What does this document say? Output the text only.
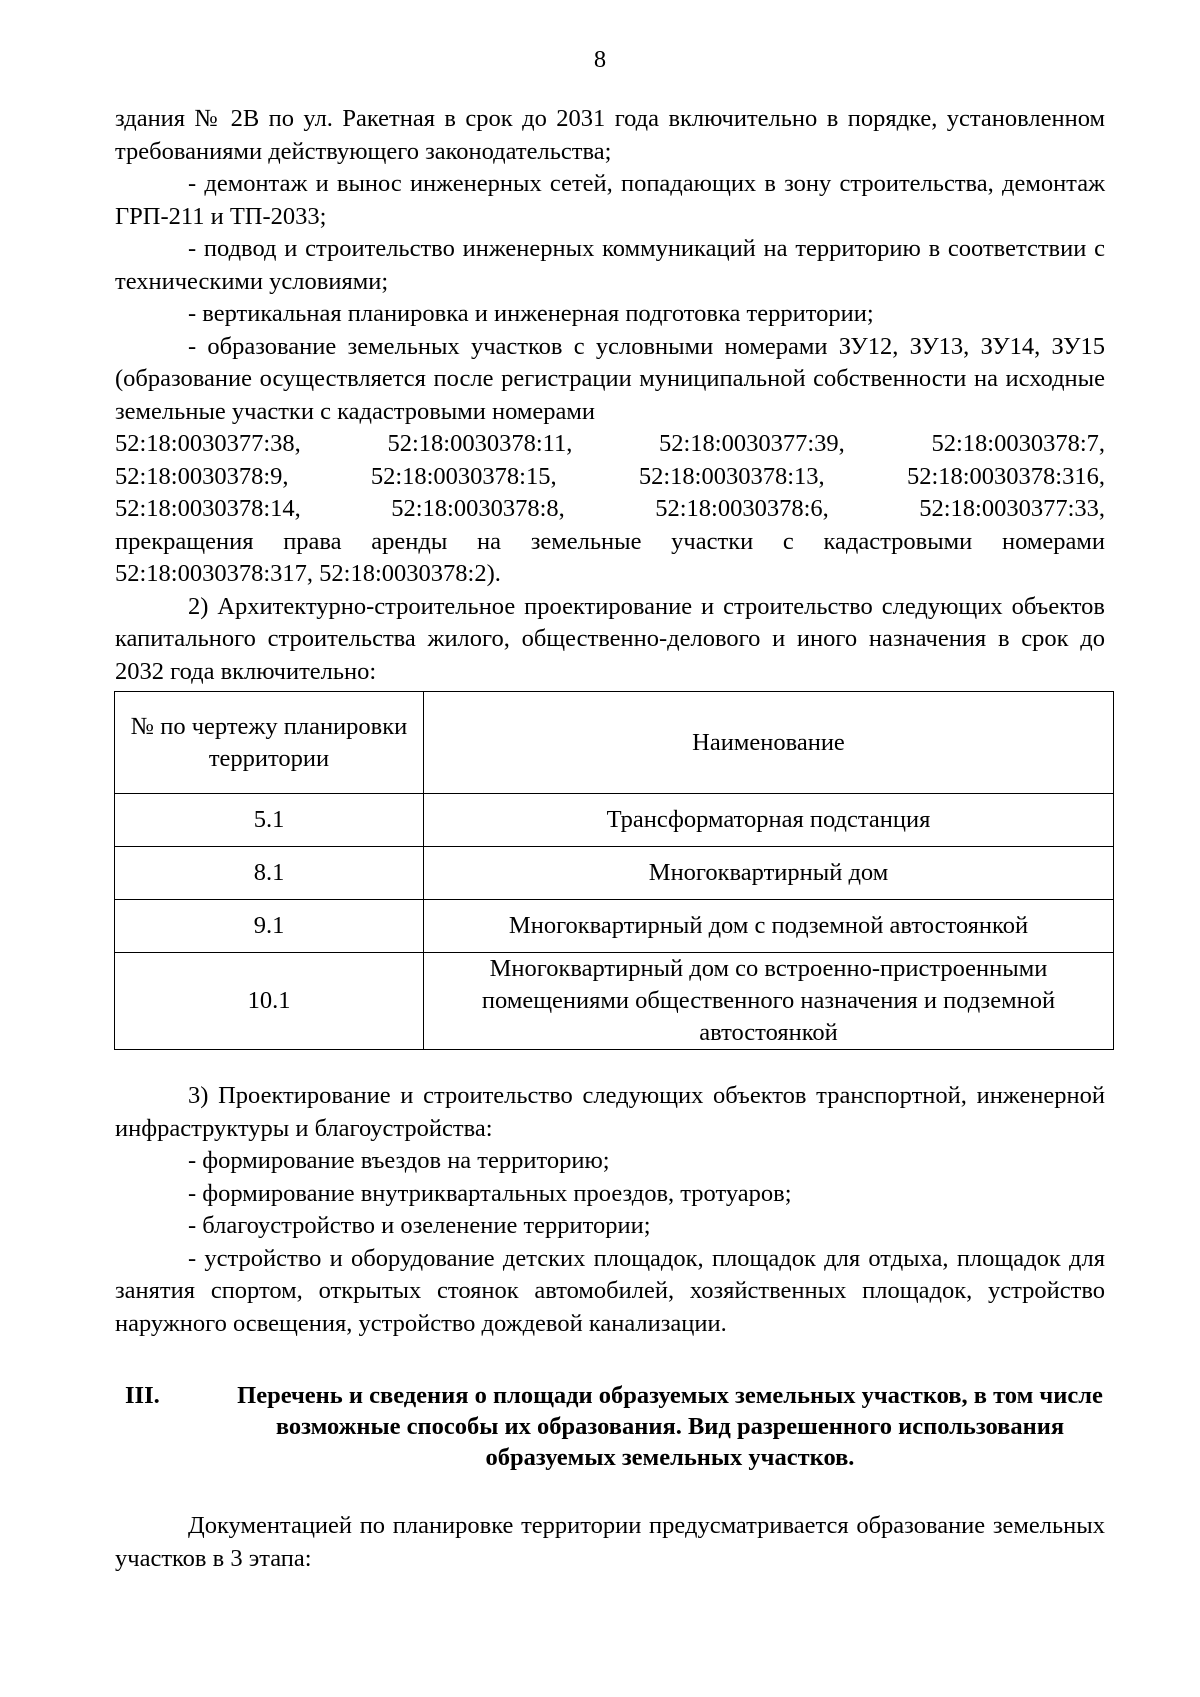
8

здания № 2В по ул. Ракетная в срок до 2031 года включительно в порядке, установленном требованиями действующего законодательства;

- демонтаж и вынос инженерных сетей, попадающих в зону строительства, демонтаж ГРП-211 и ТП-2033;

- подвод и строительство инженерных коммуникаций на территорию в соответствии с техническими условиями;

- вертикальная планировка и инженерная подготовка территории;

- образование земельных участков с условными номерами ЗУ12, ЗУ13, ЗУ14, ЗУ15 (образование осуществляется после регистрации муниципальной собственности на исходные земельные участки с кадастровыми номерами

52:18:0030377:38,	52:18:0030378:11,	52:18:0030377:39,	52:18:0030378:7,
52:18:0030378:9,	52:18:0030378:15,	52:18:0030378:13,	52:18:0030378:316,
52:18:0030378:14,	52:18:0030378:8,	52:18:0030378:6,	52:18:0030377:33,

прекращения права аренды на земельные участки с кадастровыми номерами 52:18:0030378:317, 52:18:0030378:2).

2) Архитектурно-строительное проектирование и строительство следующих объектов капитального строительства жилого, общественно-делового и иного назначения в срок до 2032 года включительно:

№ по чертежу планировки территории	Наименование
5.1	Трансформаторная подстанция
8.1	Многоквартирный дом
9.1	Многоквартирный дом с подземной автостоянкой
10.1	Многоквартирный дом со встроенно-пристроенными помещениями общественного назначения и подземной автостоянкой

3) Проектирование и строительство следующих объектов транспортной, инженерной инфраструктуры и благоустройства:

- формирование въездов на территорию;

- формирование внутриквартальных проездов, тротуаров;

- благоустройство и озеленение территории;

- устройство и оборудование детских площадок, площадок для отдыха, площадок для занятия спортом, открытых стоянок автомобилей, хозяйственных площадок, устройство наружного освещения, устройство дождевой канализации.

III.	Перечень и сведения о площади образуемых земельных участков, в том числе возможные способы их образования. Вид разрешенного использования образуемых земельных участков.

Документацией по планировке территории предусматривается образование земельных участков в 3 этапа:
